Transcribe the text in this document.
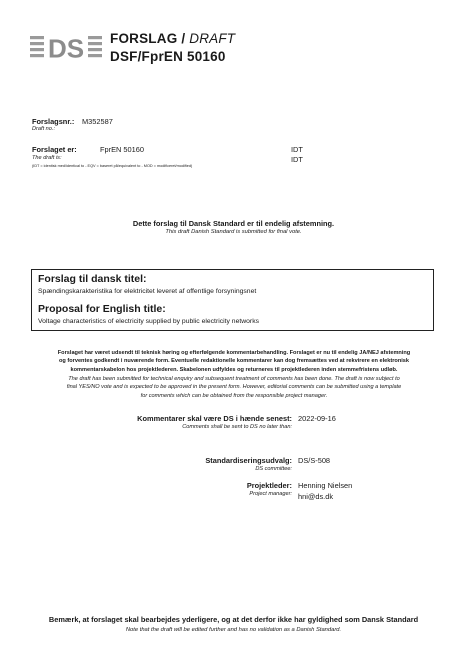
DS FORSLAG / DRAFT
DSF/FprEN 50160
Forslagsnr.: M352587
Draft no.:
Forslaget er:	FprEN 50160	IDT
The draft is:	IDT
(IDT = identisk med/identical to - EQV = baseret på/equivalent to - MOD = modificeret/modified)
Dette forslag til Dansk Standard er til endelig afstemning.
This draft Danish Standard is submitted for final vote.
Forslag til dansk titel:
Spændingskarakteristika for elektricitet leveret af offentlige forsyningsnet
Proposal for English title:
Voltage characteristics of electricity supplied by public electricity networks
Forslaget har været udsendt til teknisk høring og efterfølgende kommentarbehandling. Forslaget er nu til endelig JA/NEJ afstemning
og forventes godkendt i nuværende form. Eventuelle redaktionelle kommentarer kan dog fremsættes ved at rekvirere en elektronisk
kommentarskabelon hos projektlederen. Skabelonen udfyldes og returneres til projektlederen inden stemmefristens udløb.
The draft has been submitted for technical enquiry and subsequent treatment of comments has been done. The draft is now subject to
final YES/NO vote and is expected to be approved in the present form. However, editorial comments can be submitted using a template
for comments which can be obtained from the responsible project manager.
Kommentarer skal være DS i hænde senest: 2022-09-16
Comments shall be sent to DS no later than:
Standardiseringsudvalg: DS/S-508
DS committee:
Projektleder: Henning Nielsen
Project manager: hni@ds.dk
Bemærk, at forslaget skal bearbejdes yderligere, og at det derfor ikke har gyldighed som Dansk Standard
Note that the draft will be edited further and has no validation as a Danish Standard.
